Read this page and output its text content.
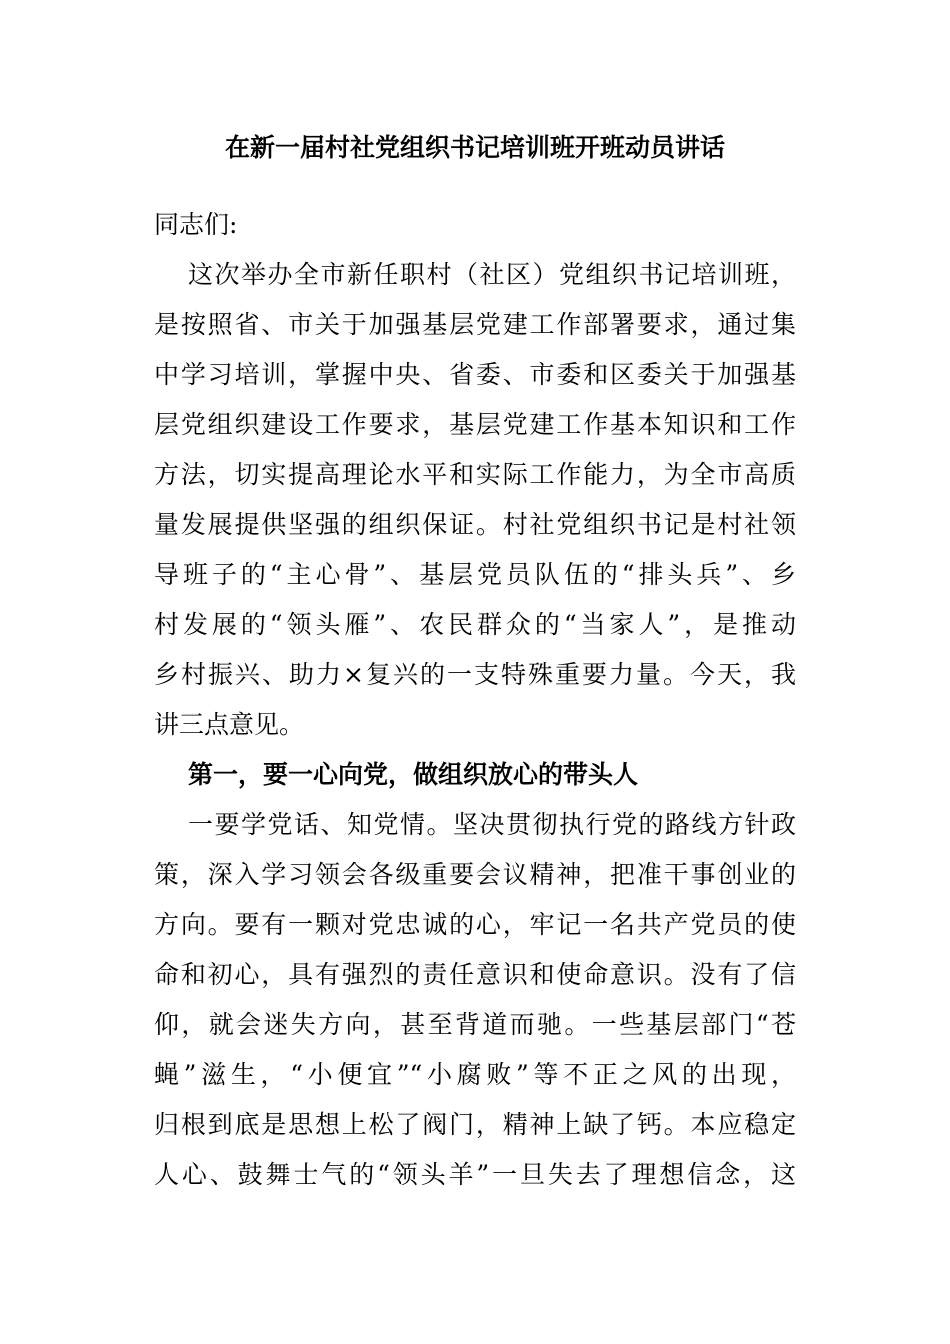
在新一届村社党组织书记培训班开班动员讲话
同志们:
这次举办全市新任职村（社区）党组织书记培训班，
是按照省、市关于加强基层党建工作部署要求，通过集
中学习培训，掌握中央、省委、市委和区委关于加强基
层党组织建设工作要求，基层党建工作基本知识和工作
方法，切实提高理论水平和实际工作能力，为全市高质
量发展提供坚强的组织保证。村社党组织书记是村社领
导班子的“主心骨”、基层党员队伍的“排头兵”、乡
村发展的“领头雁”、农民群众的“当家人”，是推动
乡村振兴、助力×复兴的一支特殊重要力量。今天，我
讲三点意见。
第一，要一心向党，做组织放心的带头人
一要学党话、知党情。坚决贯彻执行党的路线方针政
策，深入学习领会各级重要会议精神，把准干事创业的
方向。要有一颗对党忠诚的心，牢记一名共产党员的使
命和初心，具有强烈的责任意识和使命意识。没有了信
仰，就会迷失方向，甚至背道而驰。一些基层部门“苍
蝇”滋生，“小便宜”“小腐败”等不正之风的出现，
归根到底是思想上松了阀门，精神上缺了钙。本应稳定
人心、鼓舞士气的“领头羊”一旦失去了理想信念，这
